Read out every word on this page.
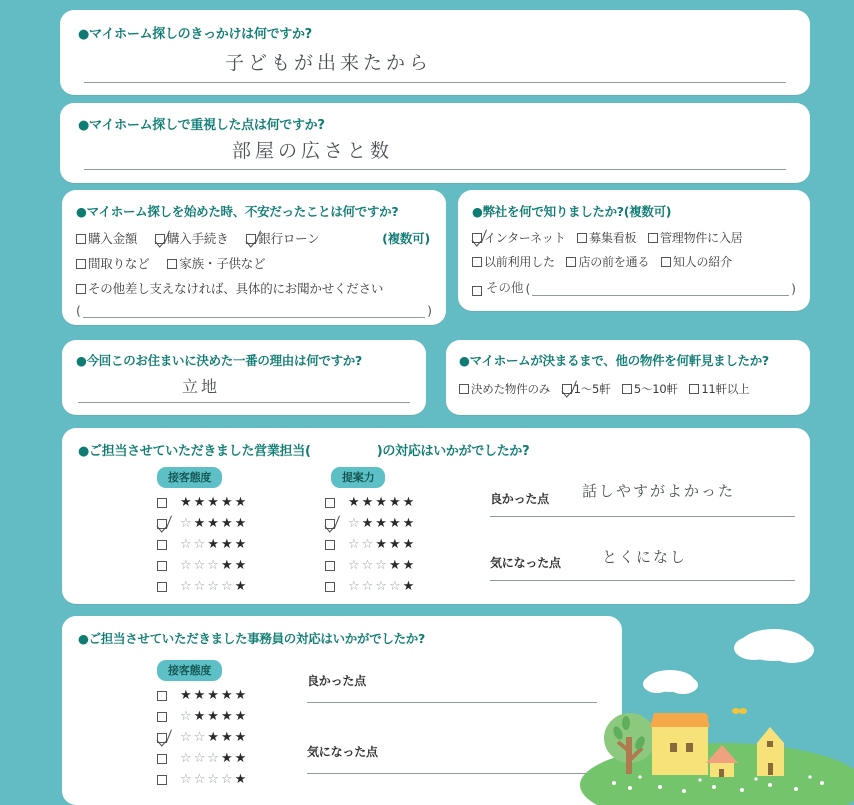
●マイホーム探しのきっかけは何ですか?
子どもが出来たから
●マイホーム探しで重視した点は何ですか?
部屋の広さと数
●マイホーム探しを始めた時、不安だったことは何ですか?
購入金額 購入手続き 銀行ローン	(複数可)
間取りなど 家族・子供など
その他差し支えなければ、具体的にお聞かせください
(	)
●弊社を何で知りましたか?(複数可)
インターネット 募集看板 管理物件に入居
以前利用した 店の前を通る 知人の紹介
その他 (	)
●今回このお住まいに決めた一番の理由は何ですか?
立地
●マイホームが決まるまで、他の物件を何軒見ましたか?
決めた物件のみ 1〜5軒 5〜10軒 11軒以上
●ご担当させていただきました営業担当(	)の対応はいかがでしたか?
接客態度
★★★★★
☆★★★★
☆☆★★★
☆☆☆★★
☆☆☆☆★
提案力
★★★★★
☆★★★★
☆☆★★★
☆☆☆★★
☆☆☆☆★
良かった点 話しやすがよかった
気になった点	とくになし
●ご担当させていただきました事務員の対応はいかがでしたか?
接客態度
★★★★★
☆★★★★
☆☆★★★
☆☆☆★★
☆☆☆☆★
良かった点
気になった点
